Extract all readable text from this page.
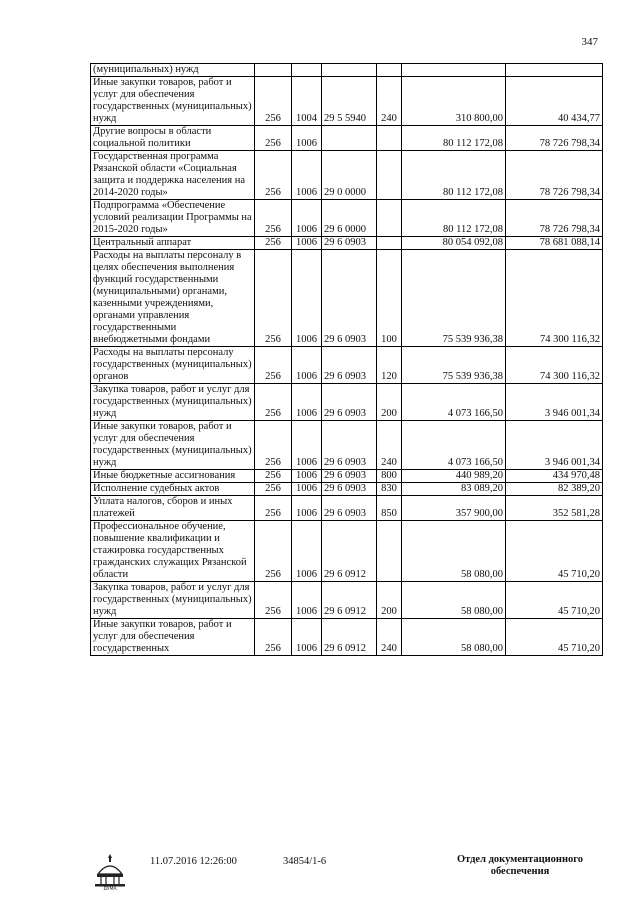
347
(муниципальных) нужд						
Иные закупки товаров, работ и услуг для обеспечения государственных (муниципальных) нужд	256	1004	29 5 5940	240	310 800,00	40 434,77
Другие вопросы в области социальной политики	256	1006			80 112 172,08	78 726 798,34
Государственная программа Рязанской области «Социальная защита и поддержка населения на 2014-2020 годы»	256	1006	29 0 0000		80 112 172,08	78 726 798,34
Подпрограмма «Обеспечение условий реализации Программы на 2015-2020 годы»	256	1006	29 6 0000		80 112 172,08	78 726 798,34
Центральный аппарат	256	1006	29 6 0903		80 054 092,08	78 681 088,14
Расходы на выплаты персоналу в целях обеспечения выполнения функций государственными (муниципальными) органами, казенными учреждениями, органами управления государственными внебюджетными фондами	256	1006	29 6 0903	100	75 539 936,38	74 300 116,32
Расходы на выплаты персоналу государственных (муниципальных) органов	256	1006	29 6 0903	120	75 539 936,38	74 300 116,32
Закупка товаров, работ и услуг для государственных (муниципальных) нужд	256	1006	29 6 0903	200	4 073 166,50	3 946 001,34
Иные закупки товаров, работ и услуг для обеспечения государственных (муниципальных) нужд	256	1006	29 6 0903	240	4 073 166,50	3 946 001,34
Иные бюджетные ассигнования	256	1006	29 6 0903	800	440 989,20	434 970,48
Исполнение судебных актов	256	1006	29 6 0903	830	83 089,20	82 389,20
Уплата налогов, сборов и иных платежей	256	1006	29 6 0903	850	357 900,00	352 581,28
Профессиональное обучение, повышение квалификации и стажировка государственных гражданских служащих Рязанской области	256	1006	29 6 0912		58 080,00	45 710,20
Закупка товаров, работ и услуг для государственных (муниципальных) нужд	256	1006	29 6 0912	200	58 080,00	45 710,20
Иные закупки товаров, работ и услуг для обеспечения государственных	256	1006	29 6 0912	240	58 080,00	45 710,20
ДУМА
11.07.2016 12:26:00	34854/1-6	Отдел документационного обеспечения
